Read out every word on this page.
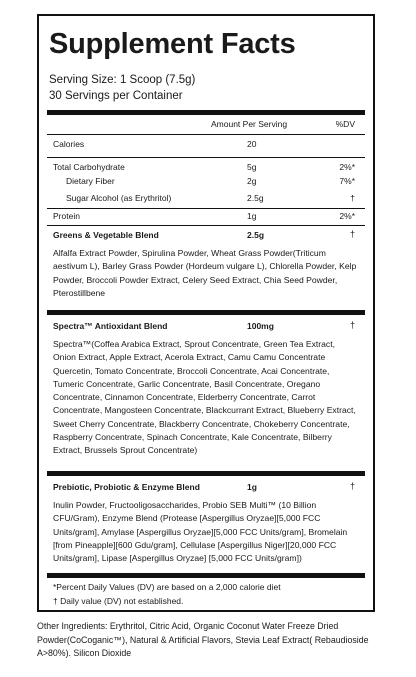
Supplement Facts
Serving Size: 1 Scoop (7.5g)
30 Servings per Container
Amount Per Serving	%DV
Calories	20
Total Carbohydrate	5g	2%*
Dietary Fiber	2g	7%*
Sugar Alcohol (as Erythritol)	2.5g	†
Protein	1g	2%*
Greens & Vegetable Blend	2.5g	†
Alfalfa Extract Powder, Spirulina Powder, Wheat Grass Powder(Triticum aestivum L), Barley Grass Powder (Hordeum vulgare L), Chlorella Powder, Kelp Powder, Broccoli Powder Extract, Celery Seed Extract, Chia Seed Powder, Pterostillbene
Spectra™ Antioxidant Blend	100mg	†
Spectra™(Coffea Arabica Extract, Sprout Concentrate, Green Tea Extract, Onion Extract, Apple Extract, Acerola Extract, Camu Camu Concentrate Quercetin, Tomato Concentrate, Broccoli Concentrate, Acai Concentrate, Tumeric Concentrate, Garlic Concentrate, Basil Concentrate, Oregano Concentrate, Cinnamon Concentrate, Elderberry Concentrate, Carrot Concentrate, Mangosteen Concentrate, Blackcurrant Extract, Blueberry Extract, Sweet Cherry Concentrate, Blackberry Concentrate, Chokeberry Concentrate, Raspberry Concentrate, Spinach Concentrate, Kale Concentrate, Bilberry Extract, Brussels Sprout Concentrate)
Prebiotic, Probiotic & Enzyme Blend	1g	†
Inulin Powder, Fructooligosaccharides, Probio SEB Multi™ (10 Billion CFU/Gram), Enzyme Blend (Protease [Aspergillus Oryzae][5,000 FCC Units/gram], Amylase [Aspergillus Oryzae][5,000 FCC Units/gram], Bromelain [from Pineapple][600 Gdu/gram], Cellulase [Aspergillus Niger][20,000 FCC Units/gram], Lipase [Aspergillus Oryzae] [5,000 FCC Units/gram])
*Percent Daily Values (DV) are based on a 2,000 calorie diet
† Daily value (DV) not established.
Other Ingredients: Erythritol, Citric Acid, Organic Coconut Water Freeze Dried Powder(CoCoganic™), Natural & Artificial Flavors, Stevia Leaf Extract( Rebaudioside A>80%). Silicon Dioxide
